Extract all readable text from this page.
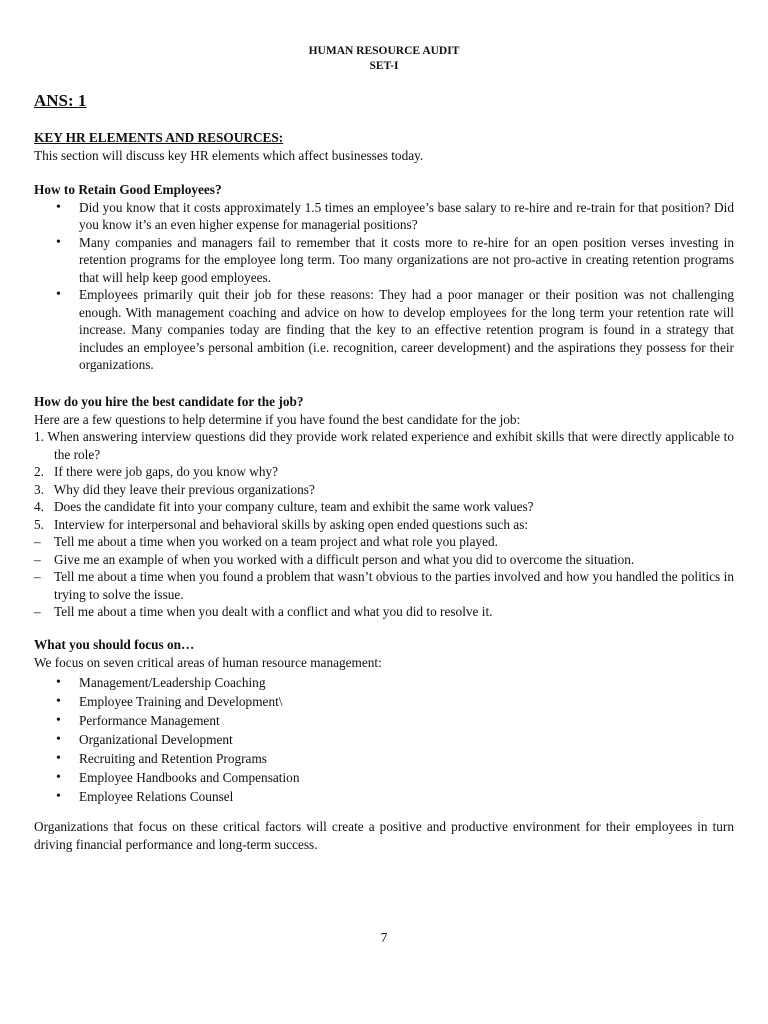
HUMAN RESOURCE AUDIT
SET-I
ANS: 1
KEY HR ELEMENTS AND RESOURCES:
This section will discuss key HR elements which affect businesses today.
How to Retain Good Employees?
• Did you know that it costs approximately 1.5 times an employee’s base salary to re-hire and re-train for that position? Did you know it’s an even higher expense for managerial positions?
• Many companies and managers fail to remember that it costs more to re-hire for an open position verses investing in retention programs for the employee long term. Too many organizations are not pro-active in creating retention programs that will help keep good employees.
• Employees primarily quit their job for these reasons: They had a poor manager or their position was not challenging enough. With management coaching and advice on how to develop employees for the long term your retention rate will increase. Many companies today are finding that the key to an effective retention program is found in a strategy that includes an employee’s personal ambition (i.e. recognition, career development) and the aspirations they possess for their organizations.
How do you hire the best candidate for the job?
Here are a few questions to help determine if you have found the best candidate for the job:
1. When answering interview questions did they provide work related experience and exhibit skills that were directly applicable to the role?
2.   If there were job gaps, do you know why?
3.   Why did they leave their previous organizations?
4.   Does the candidate fit into your company culture, team and exhibit the same work values?
5.   Interview for interpersonal and behavioral skills by asking open ended questions such as:
– Tell me about a time when you worked on a team project and what role you played.
– Give me an example of when you worked with a difficult person and what you did to overcome the situation.
– Tell me about a time when you found a problem that wasn’t obvious to the parties involved and how you handled the politics in trying to solve the issue.
– Tell me about a time when you dealt with a conflict and what you did to resolve it.
What you should focus on…
We focus on seven critical areas of human resource management:
• Management/Leadership Coaching
• Employee Training and Development\
• Performance Management
• Organizational Development
• Recruiting and Retention Programs
• Employee Handbooks and Compensation
• Employee Relations Counsel
Organizations that focus on these critical factors will create a positive and productive environment for their employees in turn driving financial performance and long-term success.
7
